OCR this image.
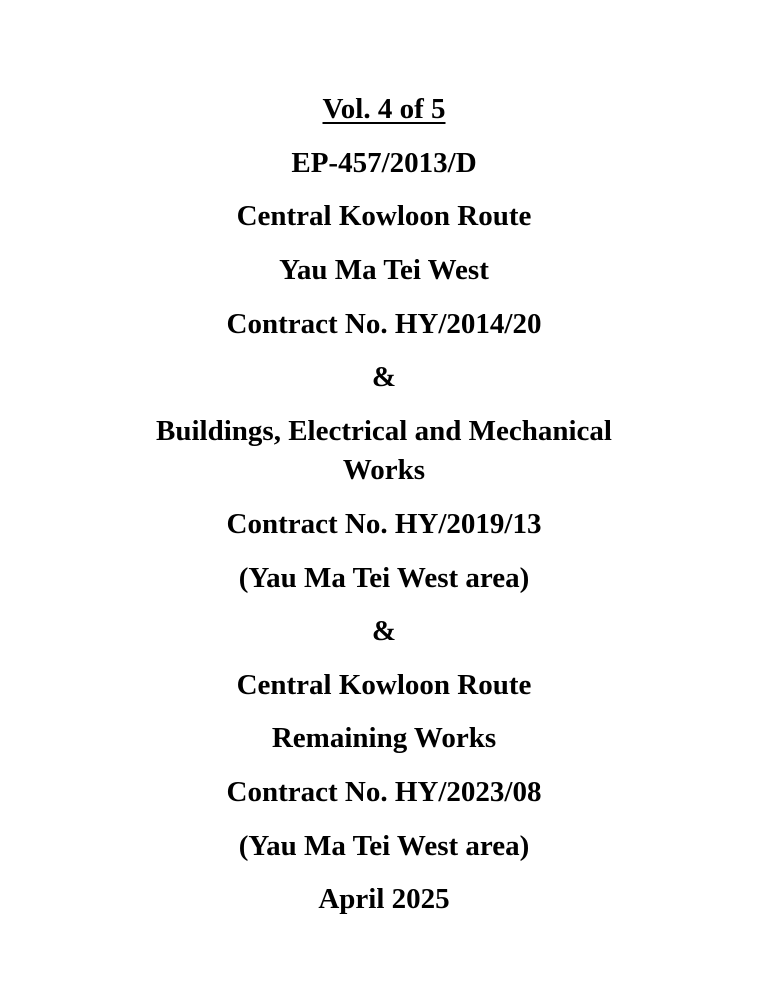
Vol. 4 of 5
EP-457/2013/D
Central Kowloon Route
Yau Ma Tei West
Contract No. HY/2014/20
&
Buildings, Electrical and Mechanical
Works
Contract No. HY/2019/13
(Yau Ma Tei West area)
&
Central Kowloon Route
Remaining Works
Contract No. HY/2023/08
(Yau Ma Tei West area)
April 2025
